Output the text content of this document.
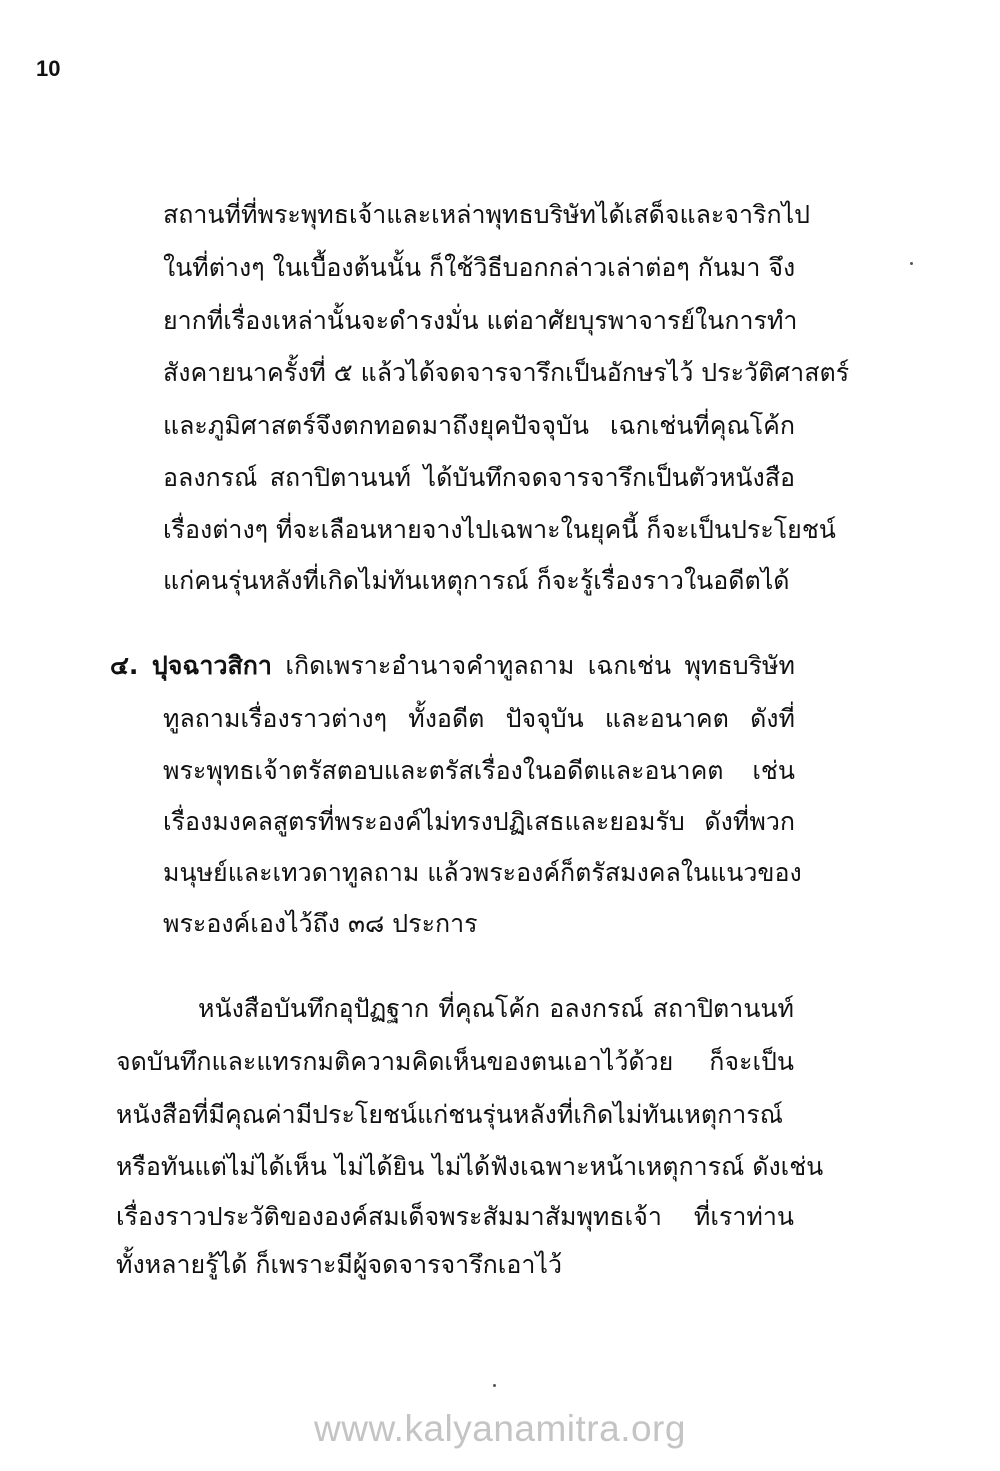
10
สถานที่ที่พระพุทธเจ้าและเหล่าพุทธบริษัทได้เสด็จและจาริกไป
ในที่ต่างๆ ในเบื้องต้นนั้น ก็ใช้วิธีบอกกล่าวเล่าต่อๆ กันมา จึง
ยากที่เรื่องเหล่านั้นจะดำรงมั่น แต่อาศัยบุรพาจารย์ในการทำ
สังคายนาครั้งที่ ๕ แล้วได้จดจารจารึกเป็นอักษรไว้ ประวัติศาสตร์
และภูมิศาสตร์จึงตกทอดมาถึงยุคปัจจุบัน เฉกเช่นที่คุณโค้ก
อลงกรณ์ สถาปิตานนท์ ได้บันทึกจดจารจารึกเป็นตัวหนังสือ
เรื่องต่างๆ ที่จะเลือนหายจางไปเฉพาะในยุคนี้ ก็จะเป็นประโยชน์
แก่คนรุ่นหลังที่เกิดไม่ทันเหตุการณ์ ก็จะรู้เรื่องราวในอดีตได้
๔. ปุจฉาวสิกา เกิดเพราะอำนาจคำทูลถาม เฉกเช่น พุทธบริษัท
ทูลถามเรื่องราวต่างๆ ทั้งอดีต ปัจจุบัน และอนาคต ดังที่
พระพุทธเจ้าตรัสตอบและตรัสเรื่องในอดีตและอนาคต เช่น
เรื่องมงคลสูตรที่พระองค์ไม่ทรงปฏิเสธและยอมรับ ดังที่พวก
มนุษย์และเทวดาทูลถาม แล้วพระองค์ก็ตรัสมงคลในแนวของ
พระองค์เองไว้ถึง ๓๘ ประการ
หนังสือบันทึกอุปัฏฐาก ที่คุณโค้ก อลงกรณ์ สถาปิตานนท์
จดบันทึกและแทรกมติความคิดเห็นของตนเอาไว้ด้วย ก็จะเป็น
หนังสือที่มีคุณค่ามีประโยชน์แก่ชนรุ่นหลังที่เกิดไม่ทันเหตุการณ์
หรือทันแต่ไม่ได้เห็น ไม่ได้ยิน ไม่ได้ฟังเฉพาะหน้าเหตุการณ์ ดังเช่น
เรื่องราวประวัติขององค์สมเด็จพระสัมมาสัมพุทธเจ้า ที่เราท่าน
ทั้งหลายรู้ได้ ก็เพราะมีผู้จดจารจารึกเอาไว้
www.kalyanamitra.org
